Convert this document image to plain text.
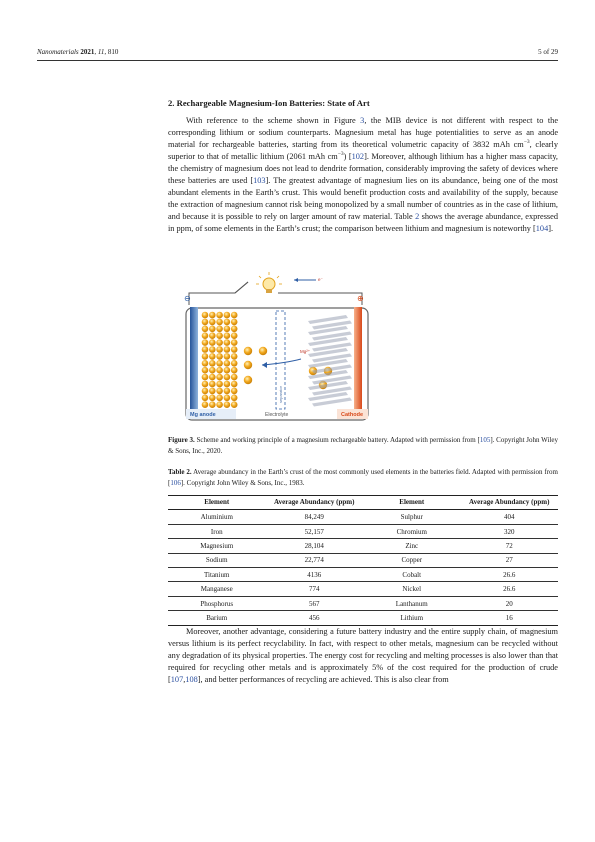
Nanomaterials 2021, 11, 810	5 of 29
2. Rechargeable Magnesium-Ion Batteries: State of Art

With reference to the scheme shown in Figure 3, the MIB device is not different with respect to the corresponding lithium or sodium counterparts. Magnesium metal has huge potentialities to serve as an anode material for rechargeable batteries, starting from its theoretical volumetric capacity of 3832 mAh $cm^{-3}$, clearly superior to that of metallic lithium (2061 mAh $cm^{-3}$) [102]. Moreover, although lithium has a higher mass capacity, the chemistry of magnesium does not lead to dendrite formation, considerably improving the safety of devices where these batteries are used [103]. The greatest advantage of magnesium lies on its abundance, being one of the most abundant elements in the Earth’s crust. This would benefit production costs and availability of the supply, because the extraction of magnesium cannot risk being monopolized by a small number of countries as in the case of lithium, and because it is possible to rely on larger amount of raw material. Table 2 shows the average abundance, expressed in ppm, of some elements in the Earth’s crust; the comparison between lithium and magnesium is noteworthy [104].

e⁻
⊖	⊕
separator
Mg²⁺
Mg anode	Electrolyte	Cathode

Figure 3. Scheme and working principle of a magnesium rechargeable battery. Adapted with permission from [105]. Copyright John Wiley & Sons, Inc., 2020.

Table 2. Average abundancy in the Earth’s crust of the most commonly used elements in the batteries field. Adapted with permission from [106]. Copyright John Wiley & Sons, Inc., 1983.

Element	Average Abundancy (ppm)	Element	Average Abundancy (ppm)
Aluminium	84,249	Sulphur	404
Iron	52,157	Chromium	320
Magnesium	28,104	Zinc	72
Sodium	22,774	Copper	27
Titanium	4136	Cobalt	26.6
Manganese	774	Nickel	26.6
Phosphorus	567	Lanthanum	20
Barium	456	Lithium	16

Moreover, another advantage, considering a future battery industry and the entire supply chain, of magnesium versus lithium is its perfect recyclability. In fact, with respect to other metals, magnesium can be recycled without any degradation of its physical properties. The energy cost for recycling and melting processes is also lower than that required for recycling other metals and is approximately 5% of the cost required for the production of crude [107,108], and better performances of recycling are achieved. This is also clear from
